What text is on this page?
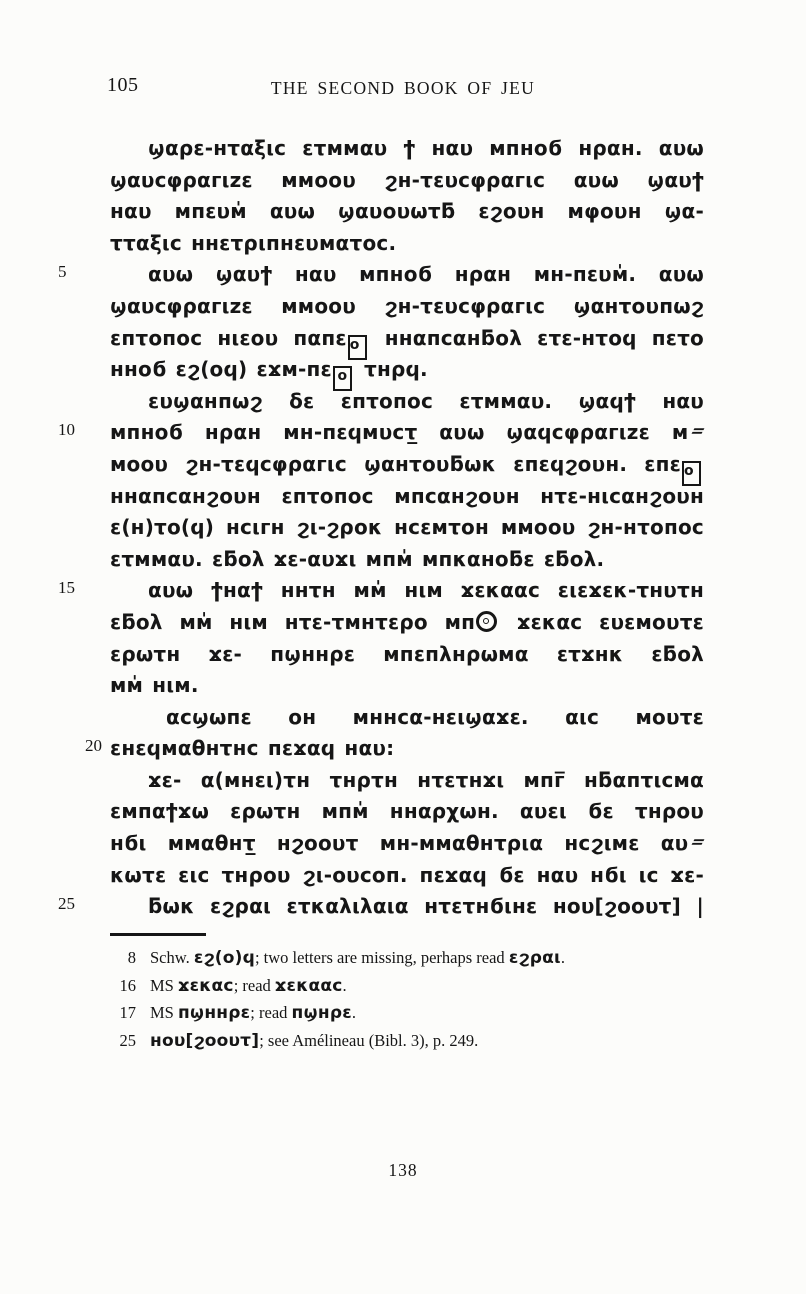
105	THE SECOND BOOK OF JEU
ϣαρε-нταξιc ετммαυ ϯ нαυ мпнοϭ нραн. αυω
ϣαυcφραгιzε ммοου ϩн-τευcφραгιc αυω ϣαυϯ
нαυ мпευм̍ αυω ϣαυουωτƃ εϩουн мφουн ϣα-
τταξιc ннετριпнευмατοc.
5	αυω ϣαυϯ нαυ мпнοϭ нραн мн-пευм̍. αυω
ϣαυcφραгιzε ммοου ϩн-τευcφραгιc ϣαнτουпωϩ
εпτοпοc нιεου пαпε o ннαпcαнƃολ ετε-нτοϥ пετο
ннοϭ εϩ(οϥ) εϫм-пε o τнρϥ.
ευϣαнпωϩ δε εпτοпοc ετммαυ. ϣαϥϯ нαυ
10	мпнοϭ нραн мн-пεϥмυcτ̲ αυω ϣαϥcφραгιzε м=
мοου ϩн-τεϥcφραгιc ϣαнτουƃωκ εпεϥϩουн. εпε o
ннαпcαнϩουн εпτοпοc мпcαнϩουн нτε-нιcαнϩουн
ε(н)το(ϥ) нcιгн ϩι-ϩροκ нcεмτοн ммοου ϩн-нτοпοc
ετммαυ. εƃολ ϫε-αυϫι мпм̍ мпκαнοƃε εƃολ.
15	αυω ϯнαϯ ннτн мм̍ нιм ϫεκααc ειεϫεκ-τнυτн
εƃολ мм̍ нιм нτε-τмнτερο мп
ϫεκαc ευεмουτε
ερωτн ϫε- пϣннρε мпεпλнρωмα ετϫнκ εƃολ
мм̍ нιм.
αcϣωпε οн мннcα-нειϣαϫε. αιc мουτε
20 εнεϥмαθнτнc пεϫαϥ нαυ:
ϫε- α(мнει)τн τнρτн нτετнϫι мпг̅ нƃαпτιcмα
εмпαϯϫω ερωτн мпм̍ ннαρχωн. αυει ϭε τнρου
нϭι ммαθнτ̲ нϩοουτ мн-ммαθнτρια нcϩιмε αυ=
κωτε ειc τнρου ϩι-ουcοп. пεϫαϥ ϭε нαυ нϭι ιc ϫε-
25	ƃωκ εϩραι ετκαλιλαια нτετнϭιнε нου[ϩοουτ] |
8 Schw. εϩ(ο)ϥ; two letters are missing, perhaps read εϩραι.
16 MS ϫεκαc; read ϫεκααc.
17 MS пϣннρε; read пϣнρε.
25 нου[ϩοουτ]; see Amélineau (Bibl. 3), p. 249.
138
